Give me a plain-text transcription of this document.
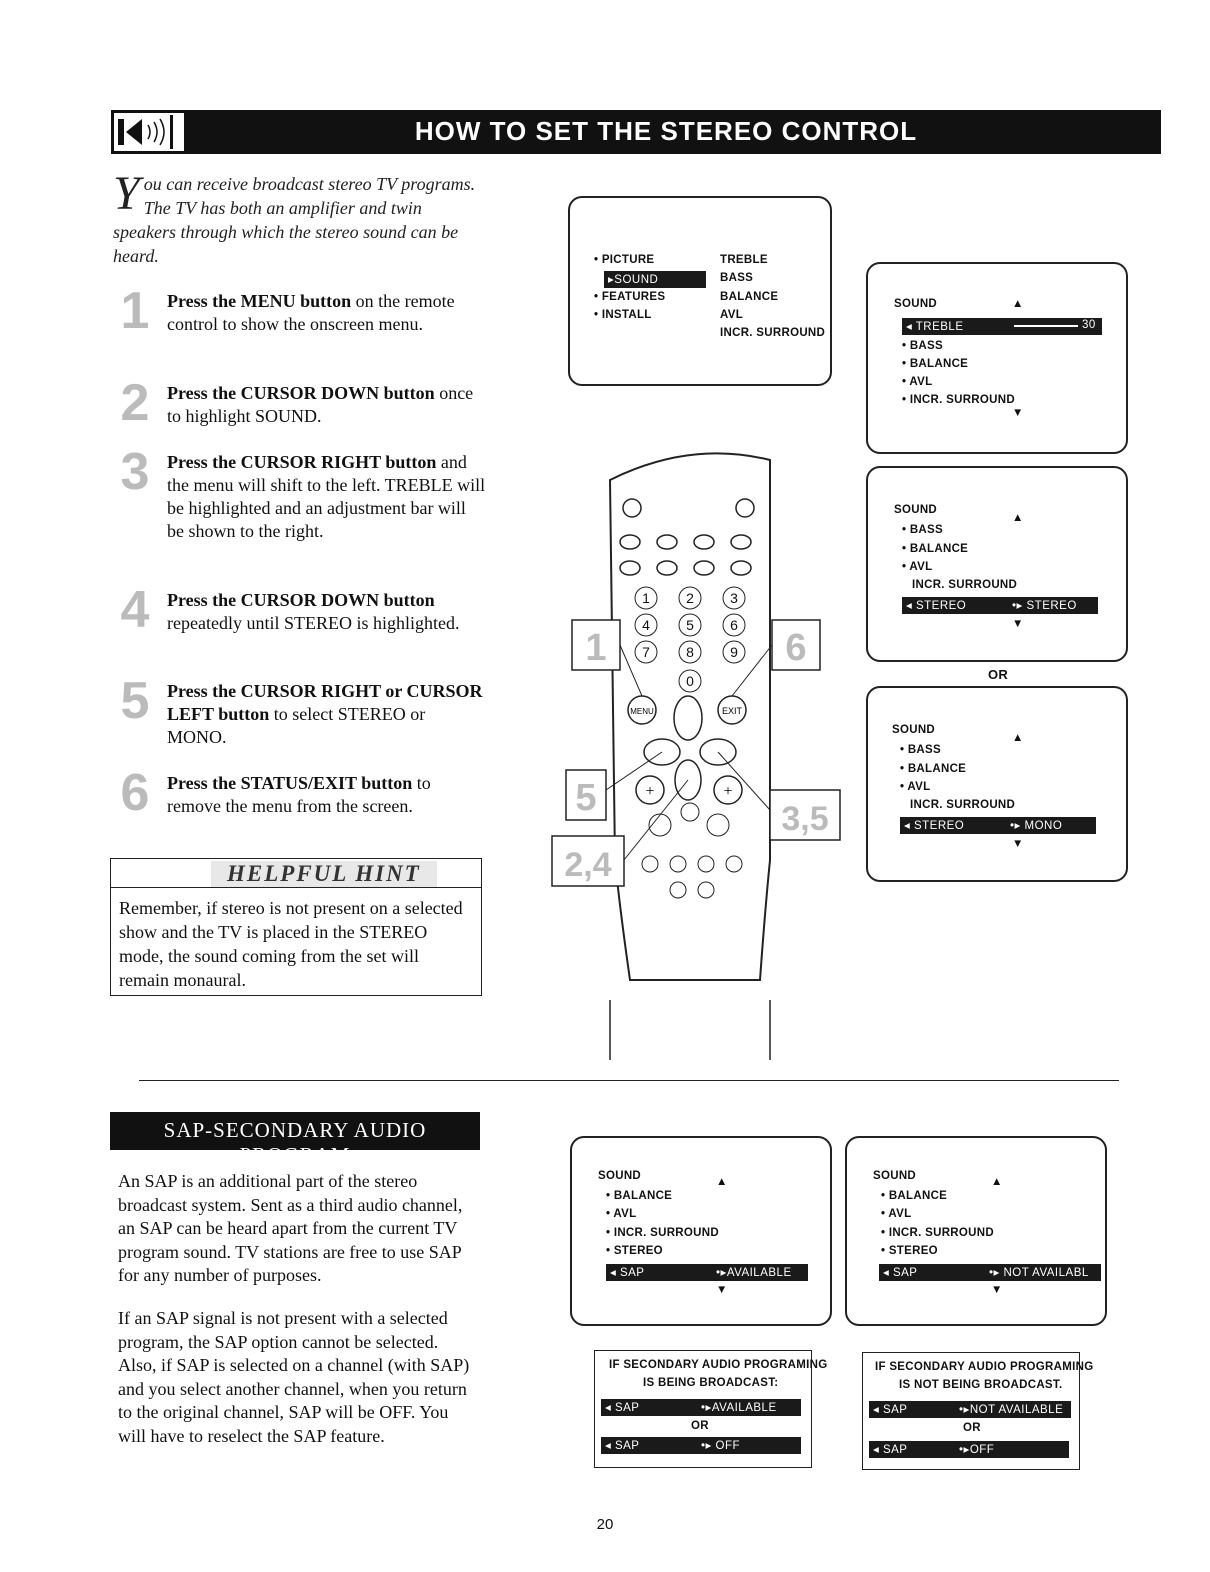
HOW TO SET THE STEREO CONTROL
You can receive broadcast stereo TV programs. The TV has both an amplifier and twin speakers through which the stereo sound can be heard.
1 Press the MENU button on the remote control to show the onscreen menu.
2 Press the CURSOR DOWN button once to highlight SOUND.
3 Press the CURSOR RIGHT button and the menu will shift to the left. TREBLE will be highlighted and an adjustment bar will be shown to the right.
4 Press the CURSOR DOWN button repeatedly until STEREO is highlighted.
5 Press the CURSOR RIGHT or CURSOR LEFT button to select STEREO or MONO.
6 Press the STATUS/EXIT button to remove the menu from the screen.
HELPFUL HINT
Remember, if stereo is not present on a selected show and the TV is placed in the STEREO mode, the sound coming from the set will remain monaural.
• PICTURE
▸SOUND
• FEATURES
• INSTALL
TREBLE
BASS
BALANCE
AVL
INCR. SURROUND
SOUND	▲
◂ TREBLE	30
• BASS
• BALANCE
• AVL
• INCR. SURROUND
▼
SOUND
▲
• BASS
• BALANCE
• AVL
INCR. SURROUND
◂ STEREO	•▸ STEREO
▼
OR
SOUND
▲
• BASS
• BALANCE
• AVL
INCR. SURROUND
◂ STEREO	•▸ MONO
▼
1	2	3
4	5	6
7	8	9
0
MENU	EXIT
+	+
1	6
5	3,5
2,4
SAP-SECONDARY AUDIO PROGRAM
An SAP is an additional part of the stereo broadcast system. Sent as a third audio channel, an SAP can be heard apart from the current TV program sound. TV stations are free to use SAP for any number of purposes.
If an SAP signal is not present with a selected program, the SAP option cannot be selected. Also, if SAP is selected on a channel (with SAP) and you select another channel, when you return to the original channel, SAP will be OFF. You will have to reselect the SAP feature.
SOUND	▲
• BALANCE
• AVL
• INCR. SURROUND
• STEREO
◂ SAP	•▸AVAILABLE
▼
SOUND	▲
• BALANCE
• AVL
• INCR. SURROUND
• STEREO
◂ SAP	•▸ NOT AVAILABL
▼
IF SECONDARY AUDIO PROGRAMING
IS BEING BROADCAST:
◂ SAP	•▸AVAILABLE
OR
◂ SAP	•▸ OFF
IF SECONDARY AUDIO PROGRAMING
IS NOT BEING BROADCAST.
◂ SAP	•▸NOT AVAILABLE
OR
◂ SAP	•▸OFF
20
